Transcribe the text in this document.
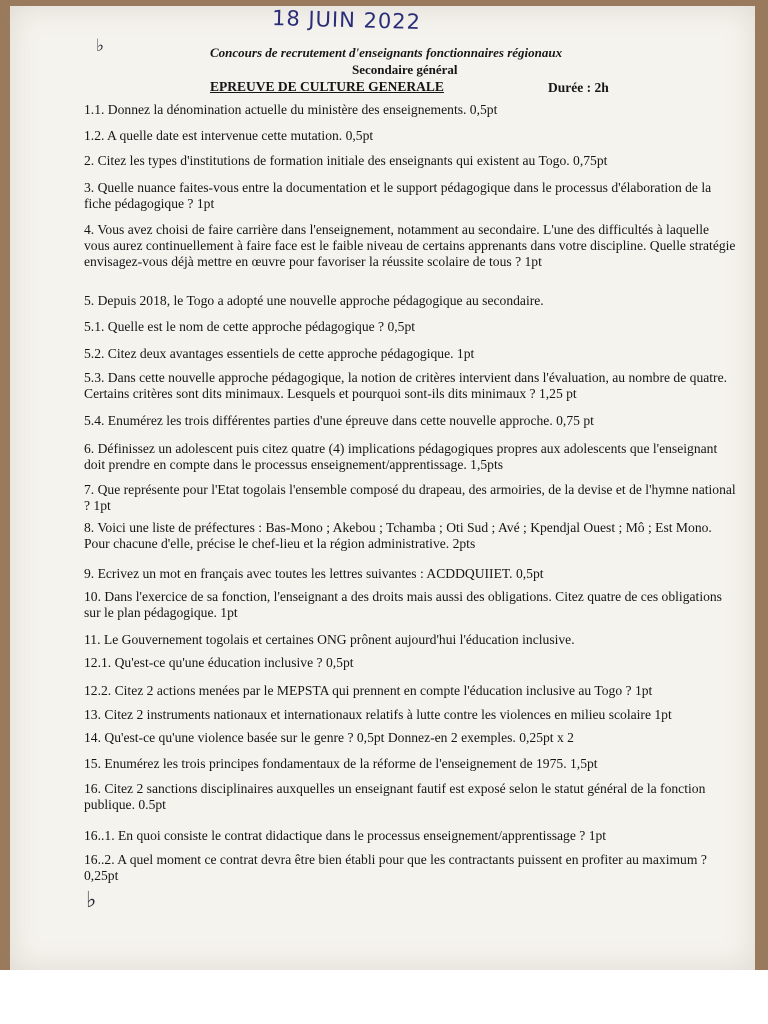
18 JUIN 2022
♭	Concours de recrutement d'enseignants fonctionnaires régionaux
Secondaire général
EPREUVE DE CULTURE GENERALE	Durée : 2h
1.1. Donnez la dénomination actuelle du ministère des enseignements. 0,5pt
1.2. A quelle date est intervenue cette mutation. 0,5pt
2. Citez les types d'institutions de formation initiale des enseignants qui existent au Togo. 0,75pt
3. Quelle nuance faites-vous entre la documentation et le support pédagogique dans le processus d'élaboration de la fiche pédagogique ? 1pt
4. Vous avez choisi de faire carrière dans l'enseignement, notamment au secondaire. L'une des difficultés à laquelle vous aurez continuellement à faire face est le faible niveau de certains apprenants dans votre discipline. Quelle stratégie envisagez-vous déjà mettre en œuvre pour favoriser la réussite scolaire de tous ? 1pt
5. Depuis 2018, le Togo a adopté une nouvelle approche pédagogique au secondaire.
5.1. Quelle est le nom de cette approche pédagogique ? 0,5pt
5.2. Citez deux avantages essentiels de cette approche pédagogique. 1pt
5.3. Dans cette nouvelle approche pédagogique, la notion de critères intervient dans l'évaluation, au nombre de quatre. Certains critères sont dits minimaux. Lesquels et pourquoi sont-ils dits minimaux ? 1,25 pt
5.4. Enumérez les trois différentes parties d'une épreuve dans cette nouvelle approche. 0,75 pt
6. Définissez un adolescent puis citez quatre (4) implications pédagogiques propres aux adolescents que l'enseignant doit prendre en compte dans le processus enseignement/apprentissage. 1,5pts
7. Que représente pour l'Etat togolais l'ensemble composé du drapeau, des armoiries, de la devise et de l'hymne national ? 1pt
8. Voici une liste de préfectures : Bas-Mono ; Akebou ; Tchamba ; Oti Sud ; Avé ; Kpendjal Ouest ; Mô ; Est Mono. Pour chacune d'elle, précise le chef-lieu et la région administrative. 2pts
9. Ecrivez un mot en français avec toutes les lettres suivantes : ACDDQUIIET. 0,5pt
10. Dans l'exercice de sa fonction, l'enseignant a des droits mais aussi des obligations. Citez quatre de ces obligations sur le plan pédagogique. 1pt
11. Le Gouvernement togolais et certaines ONG prônent aujourd'hui l'éducation inclusive.
12.1. Qu'est-ce qu'une éducation inclusive ? 0,5pt
12.2. Citez 2 actions menées par le MEPSTA qui prennent en compte l'éducation inclusive au Togo ? 1pt
13. Citez 2 instruments nationaux et internationaux relatifs à lutte contre les violences en milieu scolaire 1pt
14. Qu'est-ce qu'une violence basée sur le genre ? 0,5pt Donnez-en 2 exemples. 0,25pt x 2
15. Enumérez les trois principes fondamentaux de la réforme de l'enseignement de 1975. 1,5pt
16. Citez 2 sanctions disciplinaires auxquelles un enseignant fautif est exposé selon le statut général de la fonction publique. 0.5pt
16..1. En quoi consiste le contrat didactique dans le processus enseignement/apprentissage ? 1pt
16..2. A quel moment ce contrat devra être bien établi pour que les contractants puissent en profiter au maximum ? 0,25pt
♭
